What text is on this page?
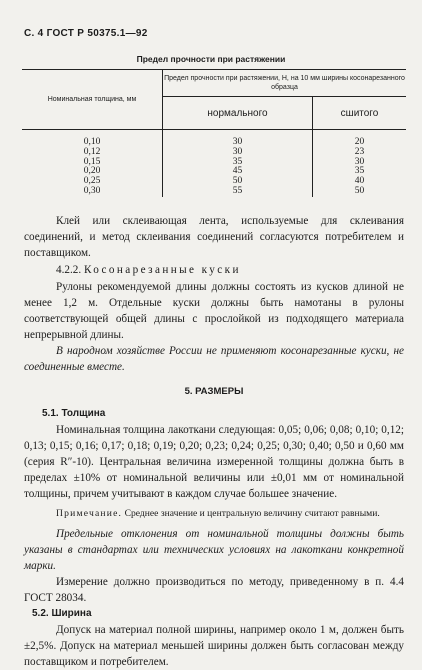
С. 4 ГОСТ Р 50375.1—92
Предел прочности при растяжении
Номинальная толщина, мм	Предел прочности при растяжении, Н, на 10 мм ширины косонарезанного образца	
	нормального	сшитого
0,10	30	20
0,12	30	23
0,15	35	30
0,20	45	35
0,25	50	40
0,30	55	50

Клей или склеивающая лента, используемые для склеивания соединений, и метод склеивания соединений согласуются потребителем и поставщиком.

4.2.2. Косонарезанные куски

Рулоны рекомендуемой длины должны состоять из кусков длиной не менее 1,2 м. Отдельные куски должны быть намотаны в рулоны соответствующей общей длины с прослойкой из подходящего материала непрерывной длины.

В народном хозяйстве России не применяют косонарезанные куски, не соединенные вместе.

5. РАЗМЕРЫ

5.1. Толщина

Номинальная толщина лакоткани следующая: 0,05; 0,06; 0,08; 0,10; 0,12; 0,13; 0,15; 0,16; 0,17; 0,18; 0,19; 0,20; 0,23; 0,24; 0,25; 0,30; 0,40; 0,50 и 0,60 мм (серия R″-10). Центральная величина измеренной толщины должна быть в пределах ±10% от номинальной величины или ±0,01 мм от номинальной толщины, причем учитывают в каждом случае большее значение.

Примечание. Среднее значение и центральную величину считают равными.

Предельные отклонения от номинальной толщины должны быть указаны в стандартах или технических условиях на лакоткани конкретной марки.

Измерение должно производиться по методу, приведенному в п. 4.4 ГОСТ 28034.

5.2. Ширина

Допуск на материал полной ширины, например около 1 м, должен быть ±2,5%. Допуск на материал меньшей ширины должен быть согласован между поставщиком и потребителем.
